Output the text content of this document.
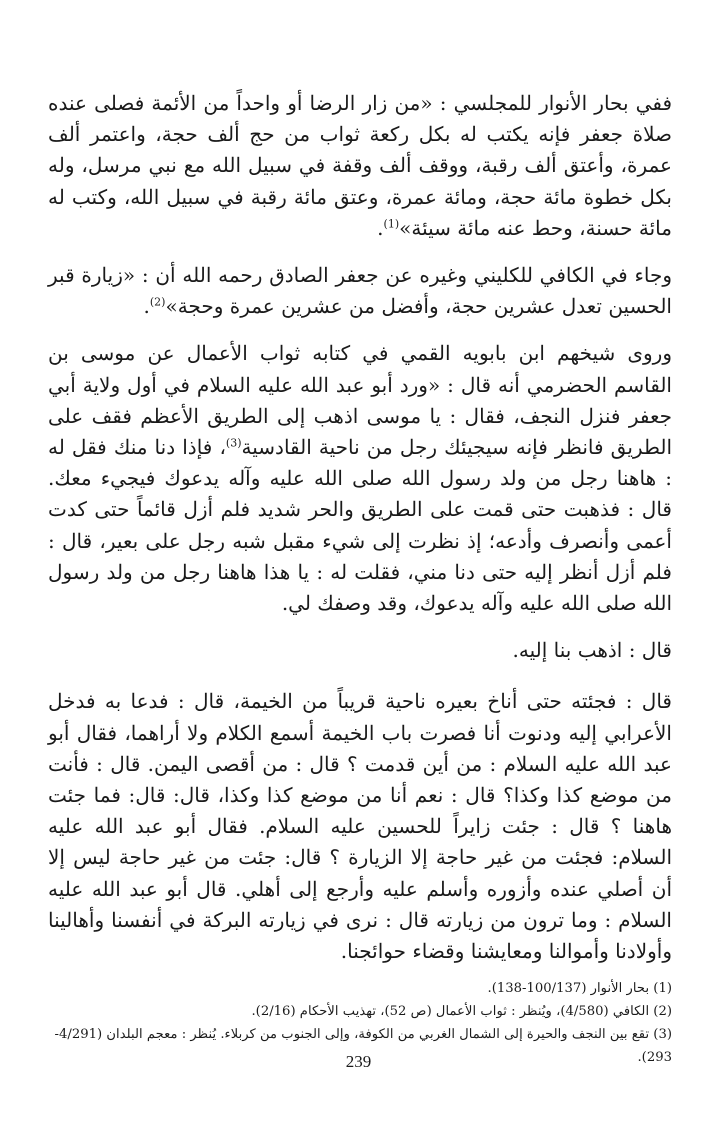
ففي بحار الأنوار للمجلسي : «من زار الرضا أو واحداً من الأئمة فصلى عنده صلاة جعفر فإنه يكتب له بكل ركعة ثواب من حج ألف حجة، واعتمر ألف عمرة، وأعتق ألف رقبة، ووقف ألف وقفة في سبيل الله مع نبي مرسل، وله بكل خطوة مائة حجة، ومائة عمرة، وعتق مائة رقبة في سبيل الله، وكتب له مائة حسنة، وحط عنه مائة سيئة»$^{(1)}$.

وجاء في الكافي للكليني وغيره عن جعفر الصادق رحمه الله أن : «زيارة قبر الحسين تعدل عشرين حجة، وأفضل من عشرين عمرة وحجة»$^{(2)}$.

وروى شيخهم ابن بابويه القمي في كتابه ثواب الأعمال عن موسى بن القاسم الحضرمي أنه قال : «ورد أبو عبد الله عليه السلام في أول ولاية أبي جعفر فنزل النجف، فقال : يا موسى اذهب إلى الطريق الأعظم فقف على الطريق فانظر فإنه سيجيئك رجل من ناحية القادسية$^{(3)}$، فإذا دنا منك فقل له : هاهنا رجل من ولد رسول الله صلى الله عليه وآله يدعوك فيجيء معك. قال : فذهبت حتى قمت على الطريق والحر شديد فلم أزل قائماً حتى كدت أعمى وأنصرف وأدعه؛ إذ نظرت إلى شيء مقبل شبه رجل على بعير، قال : فلم أزل أنظر إليه حتى دنا مني، فقلت له : يا هذا هاهنا رجل من ولد رسول الله صلى الله عليه وآله يدعوك، وقد وصفك لي.

قال : اذهب بنا إليه.

قال : فجئته حتى أناخ بعيره ناحية قريباً من الخيمة، قال : فدعا به فدخل الأعرابي إليه ودنوت أنا فصرت باب الخيمة أسمع الكلام ولا أراهما، فقال أبو عبد الله عليه السلام : من أين قدمت ؟ قال : من أقصى اليمن. قال : فأنت من موضع كذا وكذا؟ قال : نعم أنا من موضع كذا وكذا، قال: قال: فما جئت هاهنا ؟ قال : جئت زايراً للحسين عليه السلام. فقال أبو عبد الله عليه السلام: فجئت من غير حاجة إلا الزيارة ؟ قال: جئت من غير حاجة ليس إلا أن أصلي عنده وأزوره وأسلم عليه وأرجع إلى أهلي. قال أبو عبد الله عليه السلام : وما ترون من زيارته قال : نرى في زيارته البركة في أنفسنا وأهالينا وأولادنا وأموالنا ومعايشنا وقضاء حوائجنا.

(1) بحار الأنوار (100/137-138).

(2) الكافي (4/580)، ويُنظر : ثواب الأعمال (ص 52)، تهذيب الأحكام (2/16).

(3) تقع بين النجف والحيرة إلى الشمال الغربي من الكوفة، وإلى الجنوب من كربلاء. يُنظر : معجم البلدان (4/291-293).

239
